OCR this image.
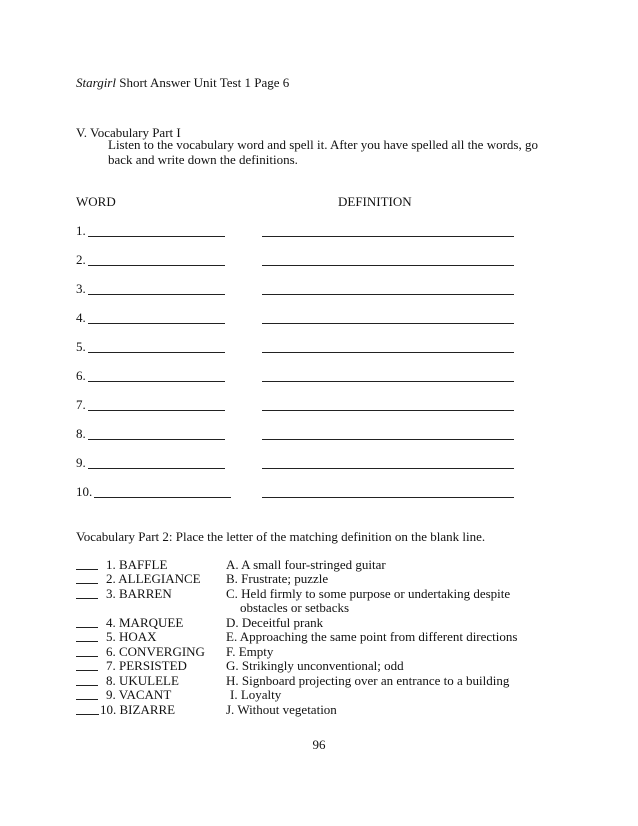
Stargirl Short Answer Unit Test 1 Page 6
V. Vocabulary Part I
Listen to the vocabulary word and spell it. After you have spelled all the words, go back and write down the definitions.
WORD	DEFINITION
1.
2.
3.
4.
5.
6.
7.
8.
9.
10.
Vocabulary Part 2: Place the letter of the matching definition on the blank line.
1. BAFFLE	A. A small four-stringed guitar
2. ALLEGIANCE B. Frustrate; puzzle
3. BARREN	C. Held firmly to some purpose or undertaking despite
obstacles or setbacks
4. MARQUEE	D. Deceitful prank
5. HOAX	E. Approaching the same point from different directions
6. CONVERGING F. Empty
7. PERSISTED	G. Strikingly unconventional; odd
8. UKULELE	H. Signboard projecting over an entrance to a building
9. VACANT	I. Loyalty
10. BIZARRE	J. Without vegetation
96
